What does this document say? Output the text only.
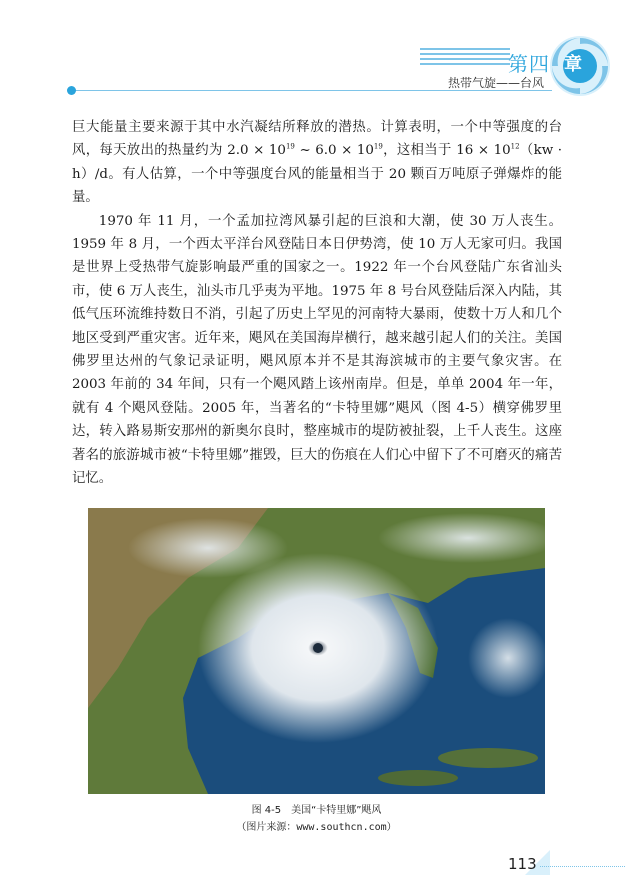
第四 章
热带气旋——台风

巨大能量主要来源于其中水汽凝结所释放的潜热。计算表明，一个中等强度的台风，每天放出的热量约为 $2.0 \times 10^{19}$ ~ $6.0 \times 10^{19}$，这相当于 $16 \times 10^{12}(kw \cdot h)/d$。有人估算，一个中等强度台风的能量相当于 20 颗百万吨原子弹爆炸的能量。

1970 年 11 月，一个孟加拉湾风暴引起的巨浪和大潮，使 30 万人丧生。1959 年 8 月，一个西太平洋台风登陆日本日伊势湾，使 10 万人无家可归。我国是世界上受热带气旋影响最严重的国家之一。1922 年一个台风登陆广东省汕头市，使 6 万人丧生，汕头市几乎夷为平地。1975 年 8 号台风登陆后深入内陆，其低气压环流维持数日不消，引起了历史上罕见的河南特大暴雨，使数十万人和几个地区受到严重灾害。近年来，飓风在美国海岸横行，越来越引起人们的关注。美国佛罗里达州的气象记录证明，飓风原本并不是其海滨城市的主要气象灾害。在 2003 年前的 34 年间，只有一个飓风踏上该州南岸。但是，单单 2004 年一年，就有 4 个飓风登陆。2005 年，当著名的“卡特里娜”飓风（图 4-5）横穿佛罗里达，转入路易斯安那州的新奥尔良时，整座城市的堤防被扯裂，上千人丧生。这座著名的旅游城市被“卡特里娜”摧毁，巨大的伤痕在人们心中留下了不可磨灭的痛苦记忆。

图 4-5　美国“卡特里娜”飓风
（图片来源：www.southcn.com）
113
